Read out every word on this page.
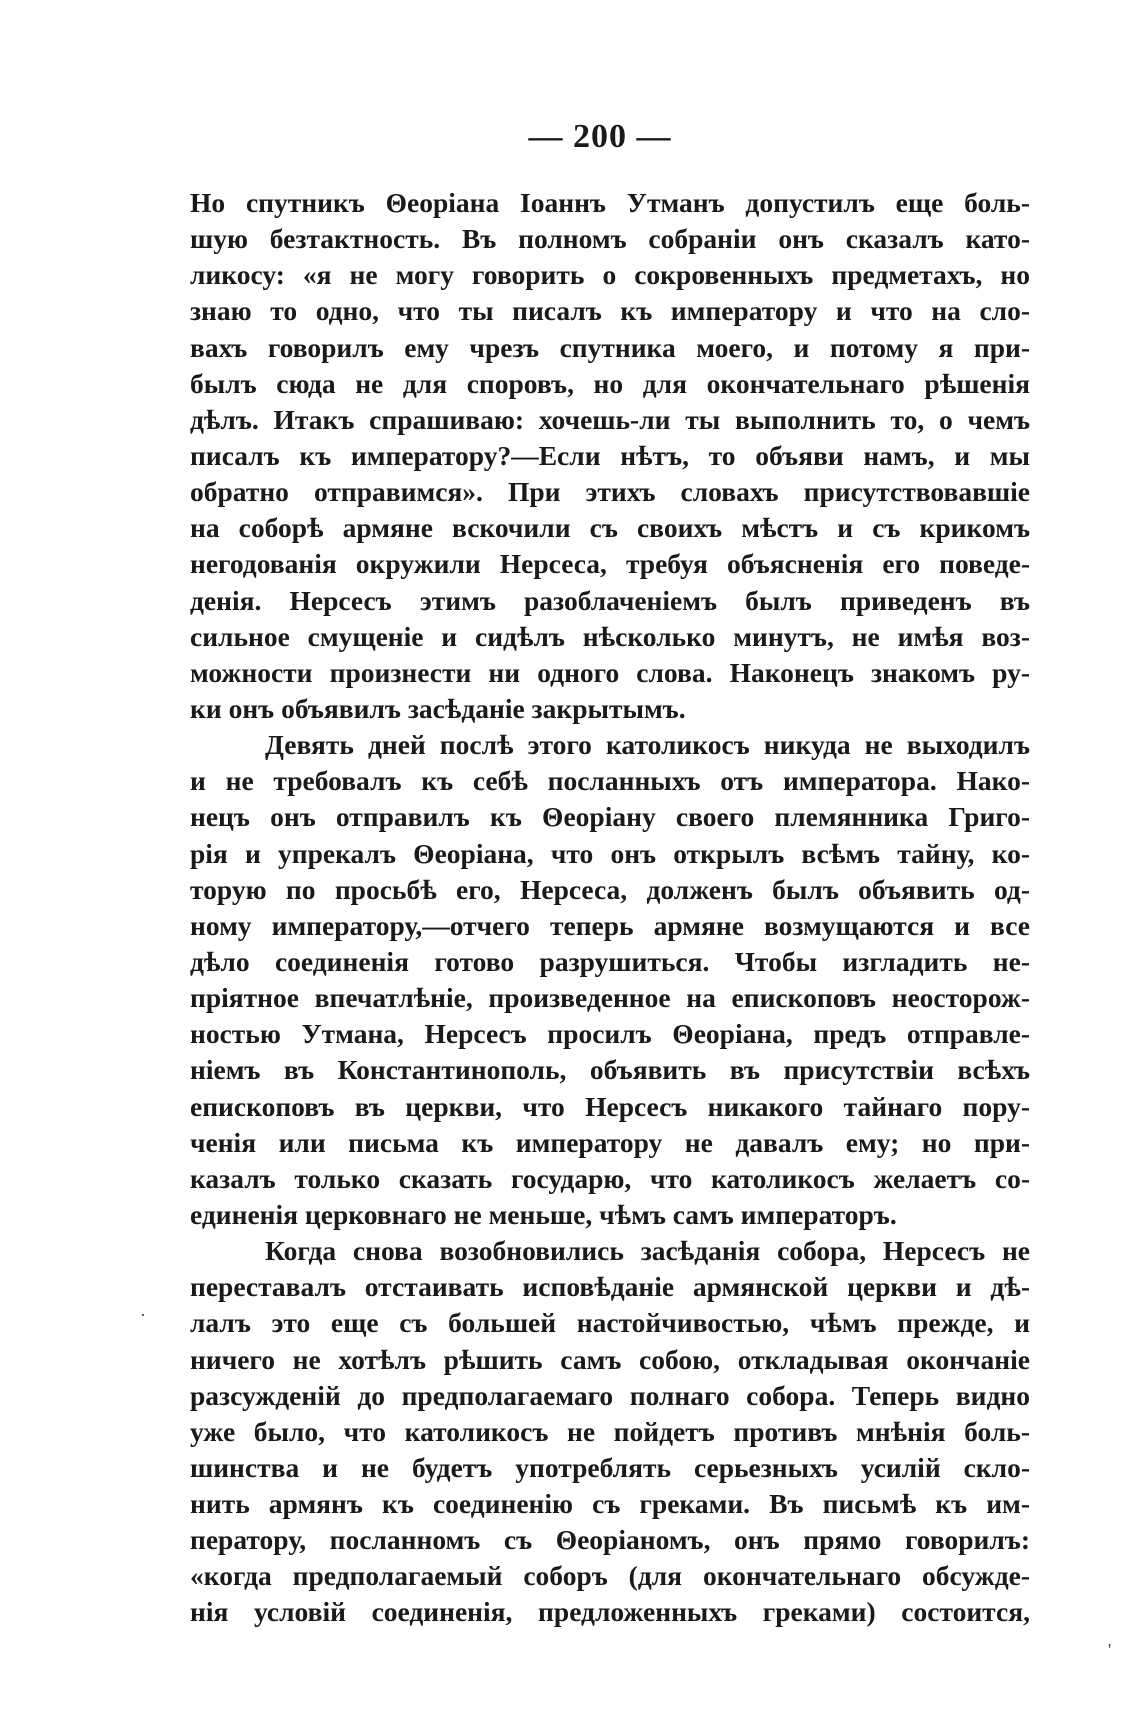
— 200 —
Но спутникъ Θеоріана Іоаннъ Утманъ допустилъ еще боль-
шую безтактность. Въ полномъ собраніи онъ сказалъ като-
ликосу: «я не могу говорить о сокровенныхъ предметахъ, но
знаю то одно, что ты писалъ къ императору и что на сло-
вахъ говорилъ ему чрезъ спутника моего, и потому я при-
былъ сюда не для споровъ, но для окончательнаго рѣшенія
дѣлъ. Итакъ спрашиваю: хочешь-ли ты выполнить то, о чемъ
писалъ къ императору?—Если нѣтъ, то объяви намъ, и мы
обратно отправимся». При этихъ словахъ присутствовавшіе
на соборѣ армяне вскочили съ своихъ мѣстъ и съ крикомъ
негодованія окружили Нерсеса, требуя объясненія его поведе-
денія. Нерсесъ этимъ разоблаченіемъ былъ приведенъ въ
сильное смущеніе и сидѣлъ нѣсколько минутъ, не имѣя воз-
можности произнести ни одного слова. Наконецъ знакомъ ру-
ки онъ объявилъ засѣданіе закрытымъ.
Девять дней послѣ этого католикосъ никуда не выходилъ
и не требовалъ къ себѣ посланныхъ отъ императора. Нако-
нецъ онъ отправилъ къ Θеоріану своего племянника Григо-
рія и упрекалъ Θеоріана, что онъ открылъ всѣмъ тайну, ко-
торую по просьбѣ его, Нерсеса, долженъ былъ объявить од-
ному императору,—отчего теперь армяне возмущаются и все
дѣло соединенія готово разрушиться. Чтобы изгладить не-
пріятное впечатлѣніе, произведенное на епископовъ неосторож-
ностью Утмана, Нерсесъ просилъ Θеоріана, предъ отправле-
ніемъ въ Константинополь, объявить въ присутствіи всѣхъ
епископовъ въ церкви, что Нерсесъ никакого тайнаго пору-
ченія или письма къ императору не давалъ ему; но при-
казалъ только сказать государю, что католикосъ желаетъ со-
единенія церковнаго не меньше, чѣмъ самъ императоръ.
Когда снова возобновились засѣданія собора, Нерсесъ не
переставалъ отстаивать исповѣданіе армянской церкви и дѣ-
лалъ это еще съ большей настойчивостью, чѣмъ прежде, и
ничего не хотѣлъ рѣшить самъ собою, откладывая окончаніе
разсужденій до предполагаемаго полнаго собора. Теперь видно
уже было, что католикосъ не пойдетъ противъ мнѣнія боль-
шинства и не будетъ употреблять серьезныхъ усилій скло-
нить армянъ къ соединенію съ греками. Въ письмѣ къ им-
ператору, посланномъ съ Θеоріаномъ, онъ прямо говорилъ:
«когда предполагаемый соборъ (для окончательнаго обсужде-
нія условій соединенія, предложенныхъ греками) состоится,
·
'
